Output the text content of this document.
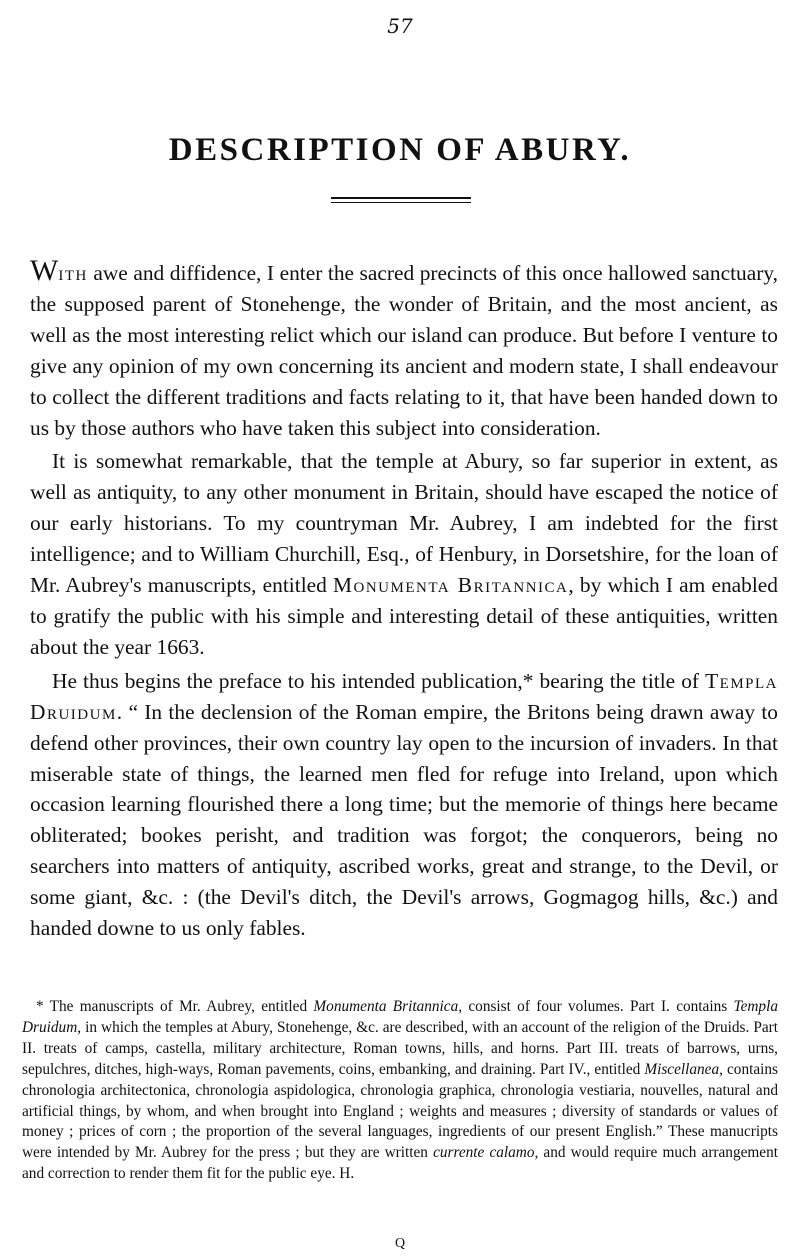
57
DESCRIPTION OF ABURY.

With awe and diffidence, I enter the sacred precincts of this once hallowed sanctuary, the supposed parent of Stonehenge, the wonder of Britain, and the most ancient, as well as the most interesting relict which our island can produce. But before I venture to give any opinion of my own concerning its ancient and modern state, I shall endeavour to collect the different traditions and facts relating to it, that have been handed down to us by those authors who have taken this subject into consideration.

It is somewhat remarkable, that the temple at Abury, so far superior in extent, as well as antiquity, to any other monument in Britain, should have escaped the notice of our early historians. To my countryman Mr. Aubrey, I am indebted for the first intelligence; and to William Churchill, Esq., of Henbury, in Dorsetshire, for the loan of Mr. Aubrey's manuscripts, entitled Monumenta Britannica, by which I am enabled to gratify the public with his simple and interesting detail of these antiquities, written about the year 1663.

He thus begins the preface to his intended publication,* bearing the title of Templa Druidum. “ In the declension of the Roman empire, the Britons being drawn away to defend other provinces, their own country lay open to the incursion of invaders. In that miserable state of things, the learned men fled for refuge into Ireland, upon which occasion learning flourished there a long time; but the memorie of things here became obliterated; bookes perisht, and tradition was forgot; the conquerors, being no searchers into matters of antiquity, ascribed works, great and strange, to the Devil, or some giant, &c. : (the Devil's ditch, the Devil's arrows, Gogmagog hills, &c.) and handed downe to us only fables.

* The manuscripts of Mr. Aubrey, entitled Monumenta Britannica, consist of four volumes. Part I. contains Templa Druidum, in which the temples at Abury, Stonehenge, &c. are described, with an account of the religion of the Druids. Part II. treats of camps, castella, military architecture, Roman towns, hills, and horns. Part III. treats of barrows, urns, sepulchres, ditches, high-ways, Roman pavements, coins, embanking, and draining. Part IV., entitled Miscellanea, contains chronologia architectonica, chronologia aspidologica, chronologia graphica, chronologia vestiaria, nouvelles, natural and artificial things, by whom, and when brought into England ; weights and measures ; diversity of standards or values of money ; prices of corn ; the proportion of the several languages, ingredients of our present English.” These manucripts were intended by Mr. Aubrey for the press ; but they are written currente calamo, and would require much arrangement and correction to render them fit for the public eye. H.

Q
